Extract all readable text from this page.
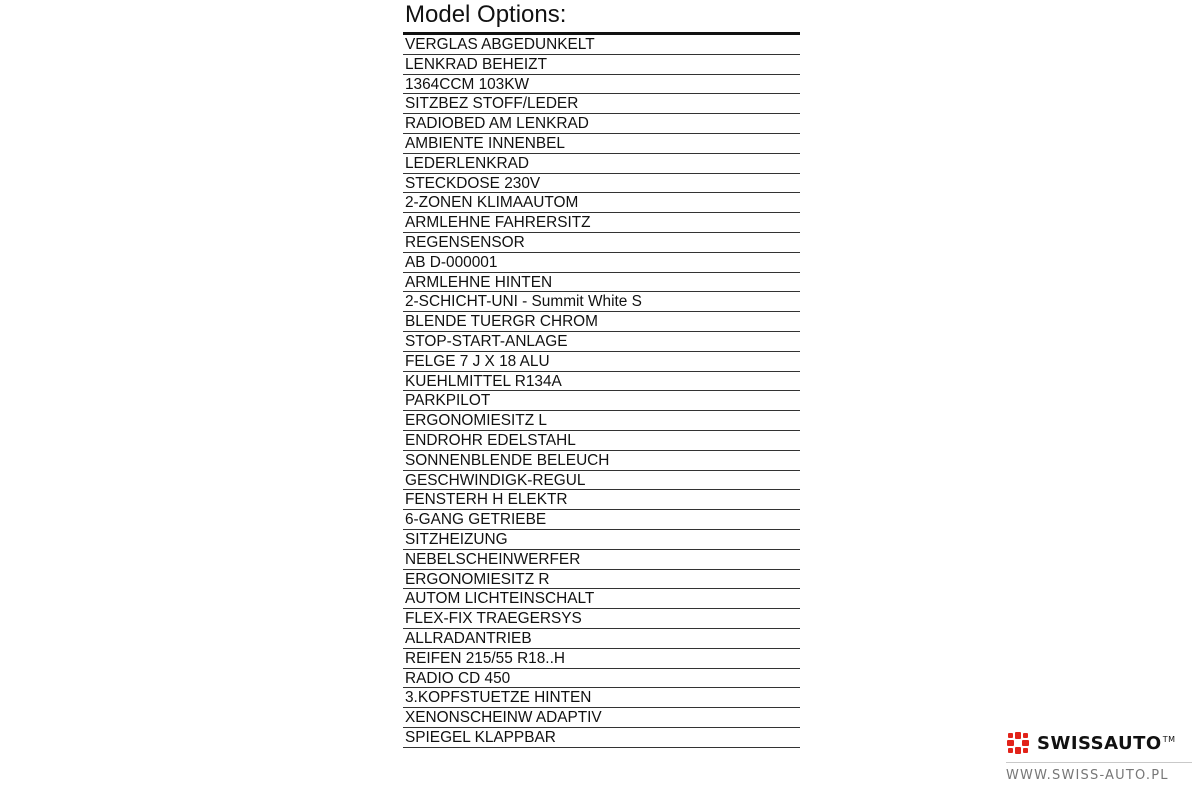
Model Options:
VERGLAS ABGEDUNKELT
LENKRAD BEHEIZT
1364CCM 103KW
SITZBEZ STOFF/LEDER
RADIOBED AM LENKRAD
AMBIENTE INNENBEL
LEDERLENKRAD
STECKDOSE 230V
2-ZONEN KLIMAAUTOM
ARMLEHNE FAHRERSITZ
REGENSENSOR
AB D-000001
ARMLEHNE HINTEN
2-SCHICHT-UNI - Summit White S
BLENDE TUERGR CHROM
STOP-START-ANLAGE
FELGE 7 J X 18 ALU
KUEHLMITTEL R134A
PARKPILOT
ERGONOMIESITZ L
ENDROHR EDELSTAHL
SONNENBLENDE BELEUCH
GESCHWINDIGK-REGUL
FENSTERH H ELEKTR
6-GANG GETRIEBE
SITZHEIZUNG
NEBELSCHEINWERFER
ERGONOMIESITZ R
AUTOM LICHTEINSCHALT
FLEX-FIX TRAEGERSYS
ALLRADANTRIEB
REIFEN 215/55 R18..H
RADIO CD 450
3.KOPFSTUETZE HINTEN
XENONSCHEINW ADAPTIV
SPIEGEL KLAPPBAR	SWISSAUTO™
WWW.SWISS-AUTO.PL
